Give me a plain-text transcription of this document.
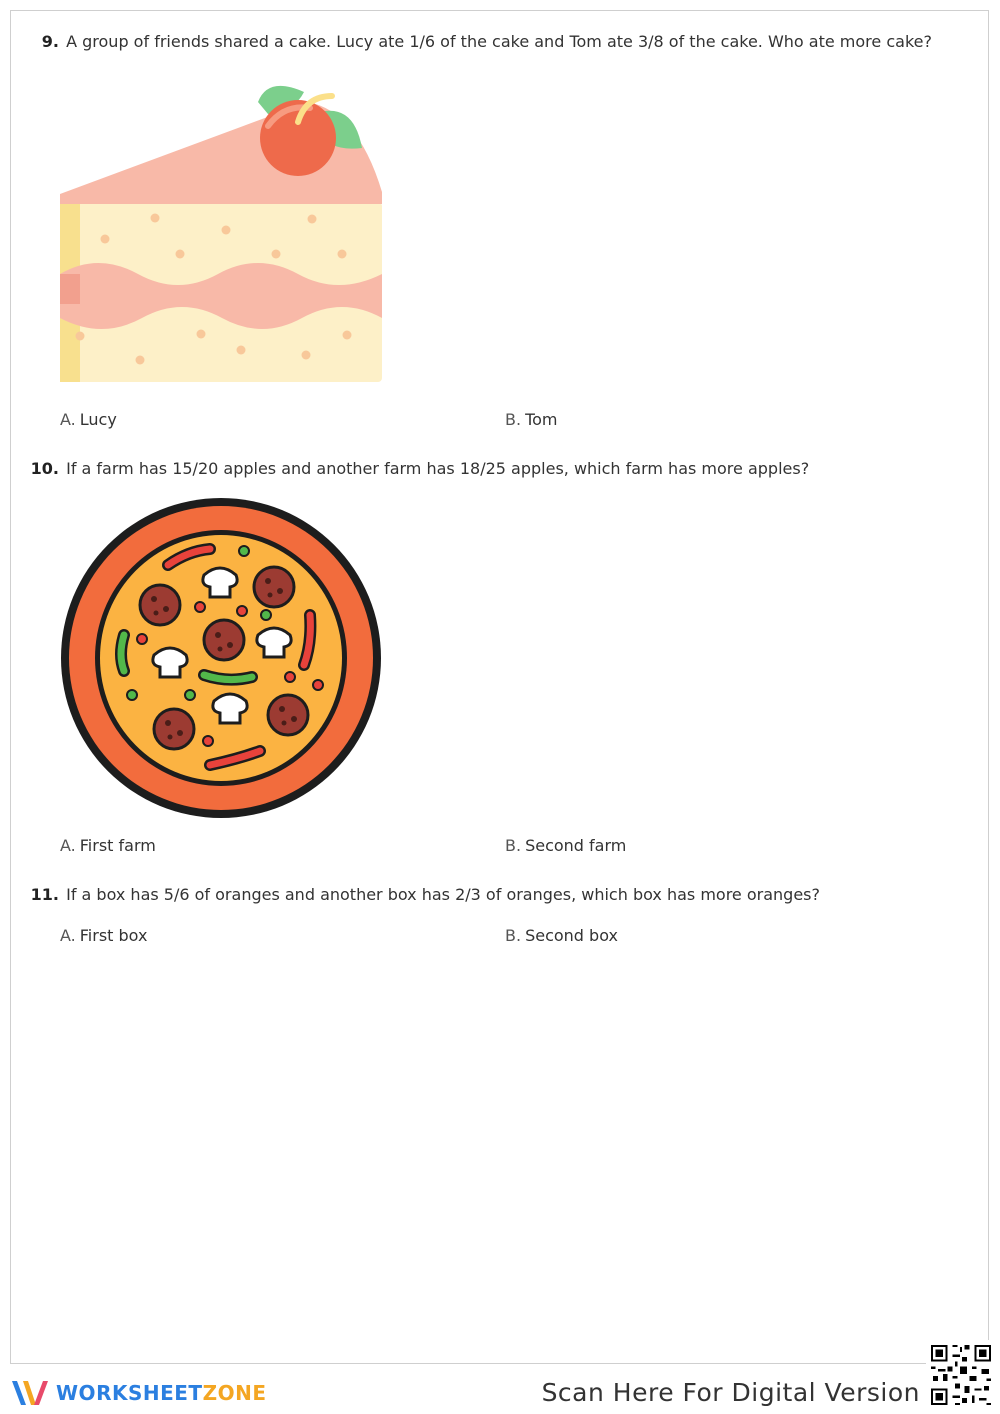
9. A group of friends shared a cake. Lucy ate 1/6 of the cake and Tom ate 3/8 of the cake. Who ate more cake?
A. Lucy	B. Tom
10. If a farm has 15/20 apples and another farm has 18/25 apples, which farm has more apples?
A. First farm	B. Second farm
11. If a box has 5/6 of oranges and another box has 2/3 of oranges, which box has more oranges?
A. First box	B. Second box
WORKSHEETZONE	Scan Here For Digital Version
